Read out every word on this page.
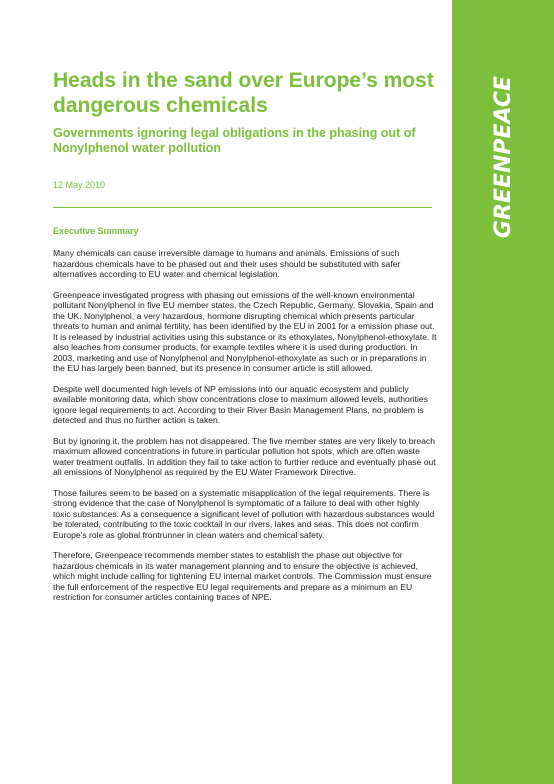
GREENPEACE
Heads in the sand over Europe’s most dangerous chemicals
Governments ignoring legal obligations in the phasing out of Nonylphenol water pollution
12 May 2010
Executive Summary

Many chemicals can cause irreversible damage to humans and animals. Emissions of such hazardous chemicals have to be phased out and their uses should be substituted with safer alternatives according to EU water and chemical legislation.

Greenpeace investigated progress with phasing out emissions of the well-known environmental pollutant Nonylphenol in five EU member states, the Czech Republic, Germany, Slovakia, Spain and the UK. Nonylphenol, a very hazardous, hormone disrupting chemical which presents particular threats to human and animal fertility, has been identified by the EU in 2001 for a emission phase out. It is released by industrial activities using this substance or its ethoxylates, Nonylphenol-ethoxylate. It also leaches from consumer products, for example textiles where it is used during production. In 2003, marketing and use of Nonylphenol and Nonylphenol-ethoxylate as such or in preparations in the EU has largely been banned, but its presence in consumer article is still allowed.

Despite well documented high levels of NP emissions into our aquatic ecosystem and publicly available monitoring data, which show concentrations close to maximum allowed levels, authorities ignore legal requirements to act. According to their River Basin Management Plans, no problem is detected and thus no further action is taken.

But by ignoring it, the problem has not disappeared. The five member states are very likely to breach maximum allowed concentrations in future in particular pollution hot spots, which are often waste water treatment outfalls. In addition they fail to take action to further reduce and eventually phase out all emissions of Nonylphenol as required by the EU Water Framework Directive.

Those failures seem to be based on a systematic misapplication of the legal requirements. There is strong evidence that the case of Nonylphenol is symptomatic of a failure to deal with other highly toxic substances. As a consequence a significant level of pollution with hazardous substances would be tolerated, contributing to the toxic cocktail in our rivers, lakes and seas. This does not confirm Europe's role as global frontrunner in clean waters and chemical safety.

Therefore, Greenpeace recommends member states to establish the phase out objective for hazardous chemicals in its water management planning and to ensure the objective is achieved, which might include calling for tightening EU internal market controls. The Commission must ensure the full enforcement of the respective EU legal requirements and prepare as a minimum an EU restriction for consumer articles containing traces of NPE.
